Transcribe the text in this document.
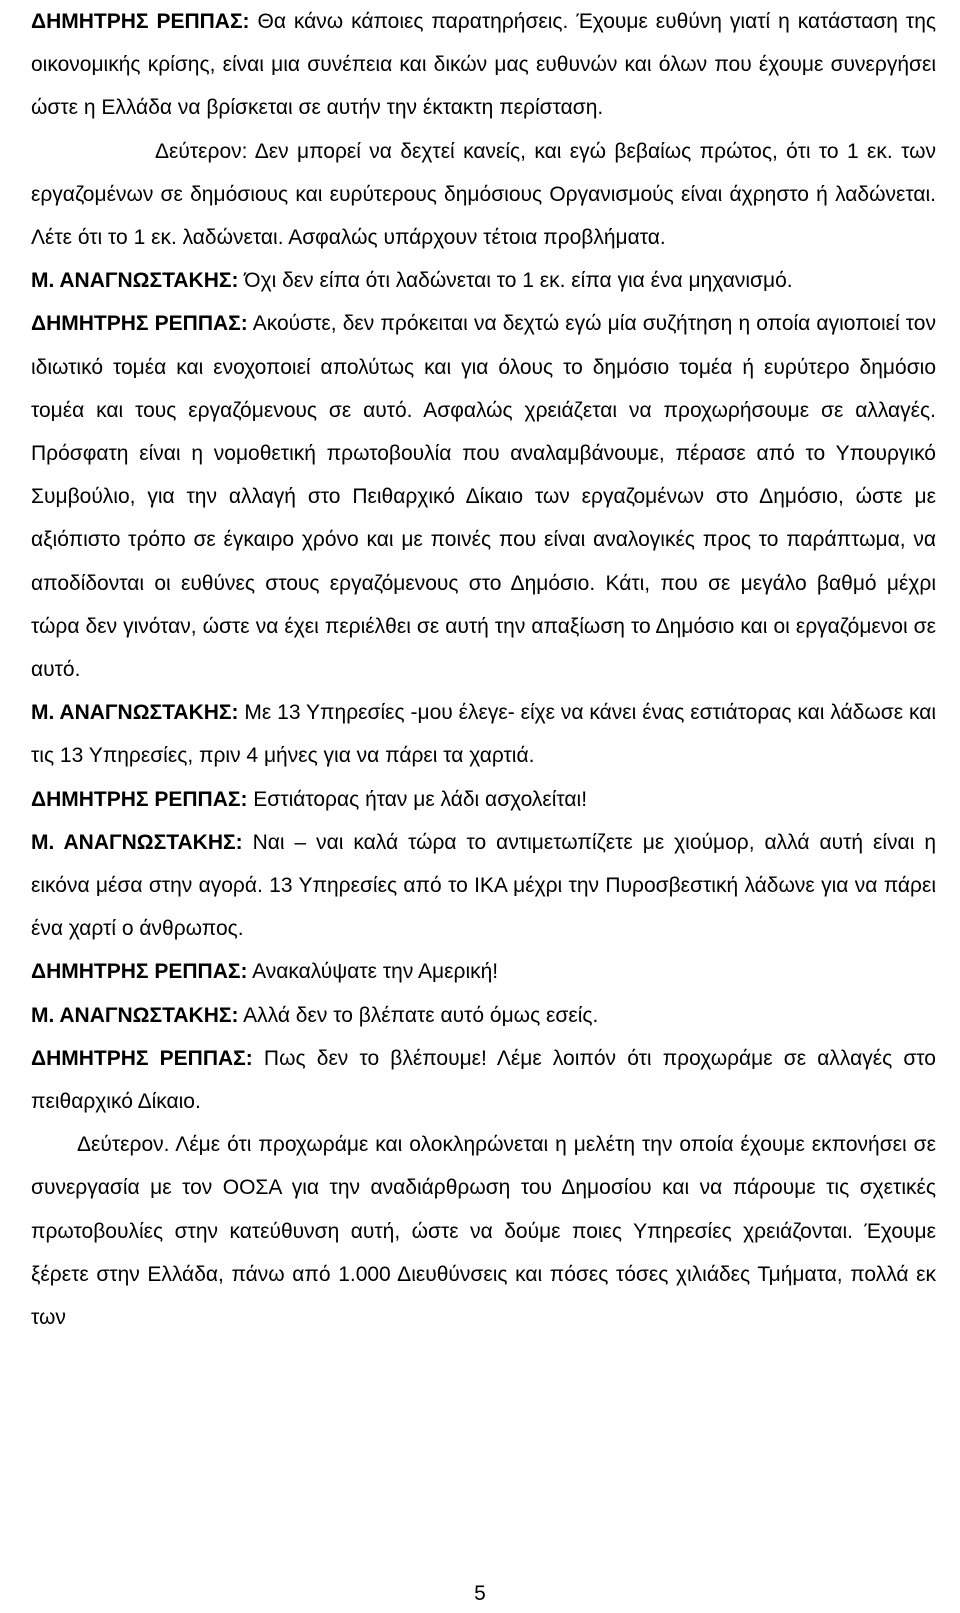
ΔΗΜΗΤΡΗΣ ΡΕΠΠΑΣ: Θα κάνω κάποιες παρατηρήσεις. Έχουμε ευθύνη γιατί η κατάσταση της οικονομικής κρίσης, είναι μια συνέπεια και δικών μας ευθυνών και όλων που έχουμε συνεργήσει ώστε η Ελλάδα να βρίσκεται σε αυτήν την έκτακτη περίσταση.

Δεύτερον: Δεν μπορεί να δεχτεί κανείς, και εγώ βεβαίως πρώτος, ότι το 1 εκ. των εργαζομένων σε δημόσιους και ευρύτερους δημόσιους Οργανισμούς είναι άχρηστο ή λαδώνεται. Λέτε ότι το 1 εκ. λαδώνεται. Ασφαλώς υπάρχουν τέτοια προβλήματα.

Μ. ΑΝΑΓΝΩΣΤΑΚΗΣ: Όχι δεν είπα ότι λαδώνεται το 1 εκ. είπα για ένα μηχανισμό.

ΔΗΜΗΤΡΗΣ ΡΕΠΠΑΣ: Ακούστε, δεν πρόκειται να δεχτώ εγώ μία συζήτηση η οποία αγιοποιεί τον ιδιωτικό τομέα και ενοχοποιεί απολύτως και για όλους το δημόσιο τομέα ή ευρύτερο δημόσιο τομέα και τους εργαζόμενους σε αυτό. Ασφαλώς χρειάζεται να προχωρήσουμε σε αλλαγές. Πρόσφατη είναι η νομοθετική πρωτοβουλία που αναλαμβάνουμε, πέρασε από το Υπουργικό Συμβούλιο, για την αλλαγή στο Πειθαρχικό Δίκαιο των εργαζομένων στο Δημόσιο, ώστε με αξιόπιστο τρόπο σε έγκαιρο χρόνο και με ποινές που είναι αναλογικές προς το παράπτωμα, να αποδίδονται οι ευθύνες στους εργαζόμενους στο Δημόσιο. Κάτι, που σε μεγάλο βαθμό μέχρι τώρα δεν γινόταν, ώστε να έχει περιέλθει σε αυτή την απαξίωση το Δημόσιο και οι εργαζόμενοι σε αυτό.

Μ. ΑΝΑΓΝΩΣΤΑΚΗΣ: Με 13 Υπηρεσίες -μου έλεγε- είχε να κάνει ένας εστιάτορας και λάδωσε και τις 13 Υπηρεσίες, πριν 4 μήνες για να πάρει τα χαρτιά.

ΔΗΜΗΤΡΗΣ ΡΕΠΠΑΣ: Εστιάτορας ήταν με λάδι ασχολείται!

Μ. ΑΝΑΓΝΩΣΤΑΚΗΣ: Ναι – ναι καλά τώρα το αντιμετωπίζετε με χιούμορ, αλλά αυτή είναι η εικόνα μέσα στην αγορά. 13 Υπηρεσίες από το ΙΚΑ μέχρι την Πυροσβεστική λάδωνε για να πάρει ένα χαρτί ο άνθρωπος.

ΔΗΜΗΤΡΗΣ ΡΕΠΠΑΣ: Ανακαλύψατε την Αμερική!

Μ. ΑΝΑΓΝΩΣΤΑΚΗΣ: Αλλά δεν το βλέπατε αυτό όμως εσείς.

ΔΗΜΗΤΡΗΣ ΡΕΠΠΑΣ: Πως δεν το βλέπουμε! Λέμε λοιπόν ότι προχωράμε σε αλλαγές στο πειθαρχικό Δίκαιο.

Δεύτερον. Λέμε ότι προχωράμε και ολοκληρώνεται η μελέτη την οποία έχουμε εκπονήσει σε συνεργασία με τον ΟΟΣΑ για την αναδιάρθρωση του Δημοσίου και να πάρουμε τις σχετικές πρωτοβουλίες στην κατεύθυνση αυτή, ώστε να δούμε ποιες Υπηρεσίες χρειάζονται. Έχουμε ξέρετε στην Ελλάδα, πάνω από 1.000 Διευθύνσεις και πόσες τόσες χιλιάδες Τμήματα, πολλά εκ των

5
